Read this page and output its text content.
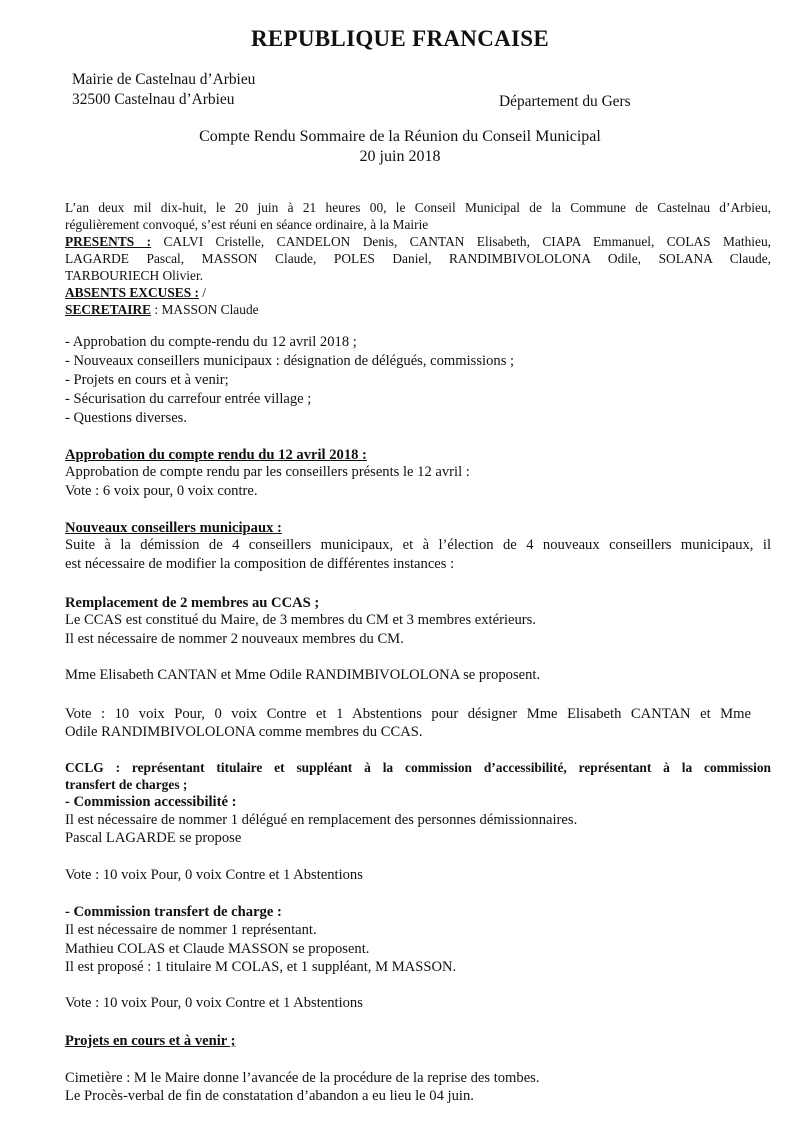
REPUBLIQUE FRANCAISE
Mairie de Castelnau d’Arbieu
32500 Castelnau d’Arbieu	Département du Gers
Compte Rendu Sommaire de la Réunion du Conseil Municipal
20 juin 2018
L’an deux mil dix-huit, le 20 juin à 21 heures 00, le Conseil Municipal de la Commune de Castelnau d’Arbieu,
régulièrement convoqué, s’est réuni en séance ordinaire, à la Mairie
PRESENTS : CALVI Cristelle, CANDELON Denis, CANTAN Elisabeth, CIAPA Emmanuel, COLAS Mathieu,
LAGARDE Pascal, MASSON Claude, POLES Daniel, RANDIMBIVOLOLONA Odile, SOLANA Claude,
TARBOURIECH Olivier.
ABSENTS EXCUSES : /
SECRETAIRE : MASSON Claude
- Approbation du compte-rendu du 12 avril 2018 ;
- Nouveaux conseillers municipaux : désignation de délégués, commissions ;
- Projets en cours et à venir;
- Sécurisation du carrefour entrée village ;
- Questions diverses.
Approbation du compte rendu du 12 avril 2018 :
Approbation de compte rendu par les conseillers présents le 12 avril :
Vote : 6 voix pour, 0 voix contre.
Nouveaux conseillers municipaux :
Suite à la démission de 4 conseillers municipaux, et à l’élection de 4 nouveaux conseillers municipaux, il
est nécessaire de modifier la composition de différentes instances :
Remplacement de 2 membres au CCAS ;
Le CCAS est constitué du Maire, de 3 membres du CM et 3 membres extérieurs.
Il est nécessaire de nommer 2 nouveaux membres du CM.
Mme Elisabeth CANTAN et Mme Odile RANDIMBIVOLOLONA se proposent.
Vote : 10 voix Pour, 0 voix Contre et 1 Abstentions pour désigner Mme Elisabeth CANTAN et Mme
Odile RANDIMBIVOLOLONA comme membres du CCAS.
CCLG : représentant titulaire et suppléant à la commission d’accessibilité, représentant à la commission
transfert de charges ;
- Commission accessibilité :
Il est nécessaire de nommer 1 délégué en remplacement des personnes démissionnaires.
Pascal LAGARDE se propose
Vote : 10 voix Pour, 0 voix Contre et 1 Abstentions
- Commission transfert de charge :
Il est nécessaire de nommer 1 représentant.
Mathieu COLAS et Claude MASSON se proposent.
Il est proposé : 1 titulaire M COLAS, et 1 suppléant, M MASSON.
Vote : 10 voix Pour, 0 voix Contre et 1 Abstentions
Projets en cours et à venir ;
Cimetière : M le Maire donne l’avancée de la procédure de la reprise des tombes.
Le Procès-verbal de fin de constatation d’abandon a eu lieu le 04 juin.
